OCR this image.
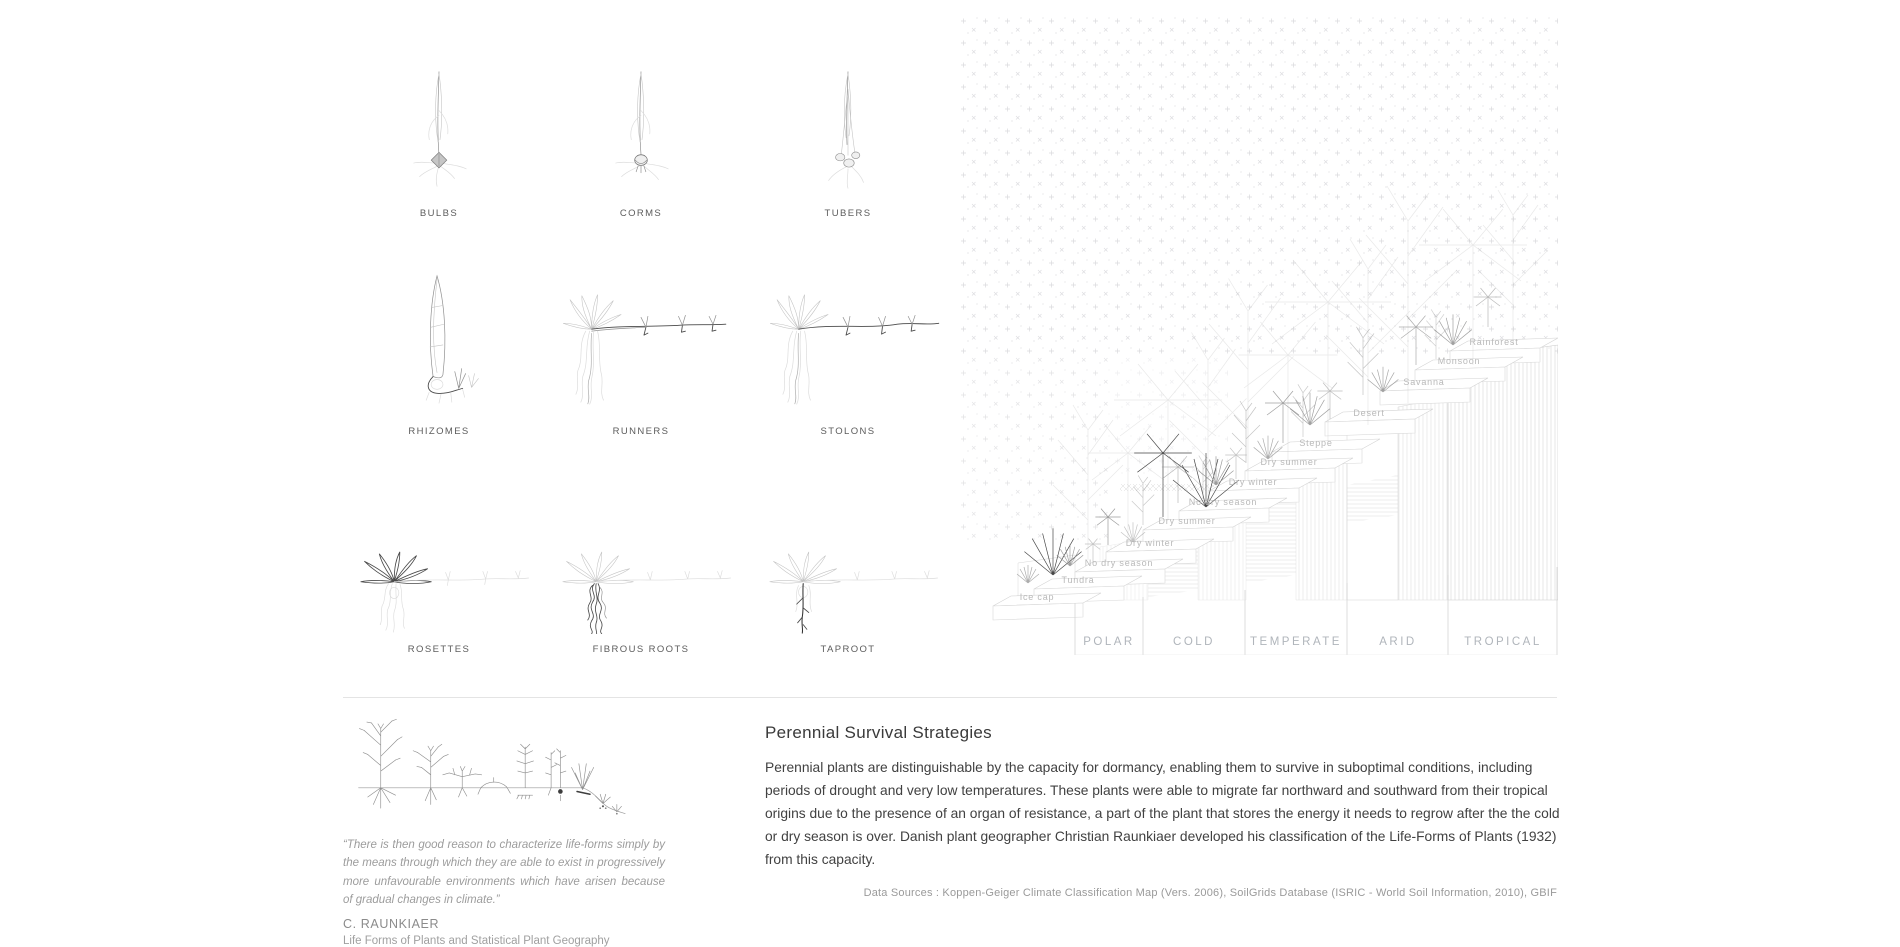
BULBS	CORMS	TUBERS
RHIZOMES	RUNNERS	STOLONS
ROSETTES	FIBROUS ROOTS	TAPROOT
Ice cap
Tundra
No dry season
Dry winter
Dry summer
No dry season
Dry winter
Dry summer
Steppe
Desert
Savanna
Monsoon
Rainforest
POLAR	COLD	TEMPERATE	ARID	TROPICAL
“There is then good reason to characterize life-forms simply by the means through which they are able to exist in progressively more unfavourable environments which have arisen because of gradual changes in climate.”
C. RAUNKIAER
Life Forms of Plants and Statistical Plant Geography
Perennial Survival Strategies
Perennial plants are distinguishable by the capacity for dormancy, enabling them to survive in suboptimal conditions, including periods of drought and very low temperatures. These plants were able to migrate far northward and southward from their tropical origins due to the presence of an organ of resistance, a part of the plant that stores the energy it needs to regrow after the the cold or dry season is over. Danish plant geographer Christian Raunkiaer developed his classification of the Life-Forms of Plants (1932) from this capacity.
Data Sources : Koppen-Geiger Climate Classification Map (Vers. 2006), SoilGrids Database (ISRIC - World Soil Information, 2010), GBIF
